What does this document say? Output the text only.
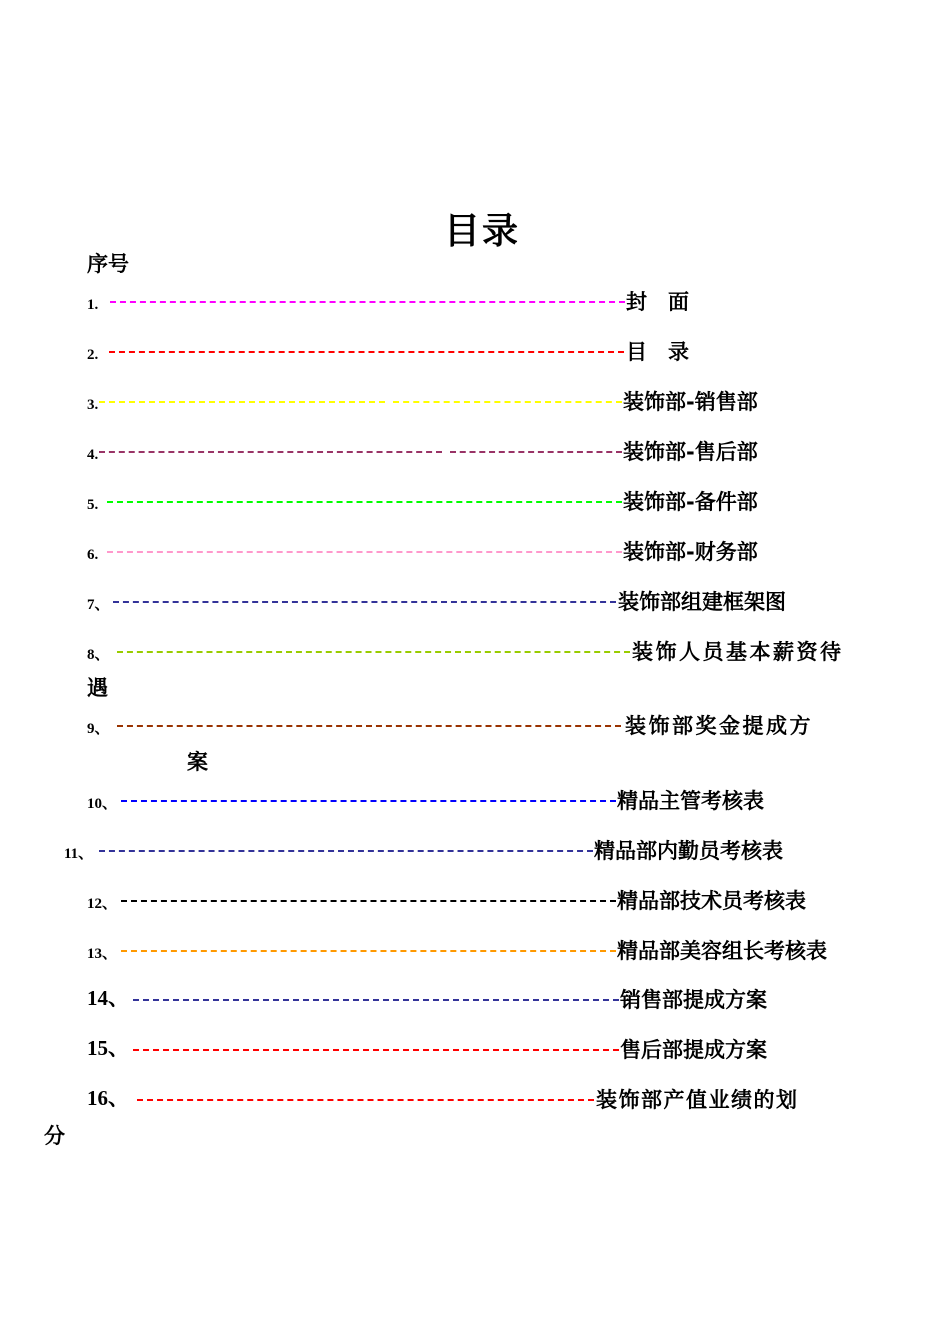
目录
序号
1.	封　面
2.	目　录
3.	装饰部-销售部
4.	装饰部-售后部
5.	装饰部-备件部
6.	装饰部-财务部
7、	装饰部组建框架图
8、	装饰人员基本薪资待
遇
9、	装饰部奖金提成方
案
10、	精品主管考核表
11、	精品部内勤员考核表
12、	精品部技术员考核表
13、	精品部美容组长考核表
14、	销售部提成方案
15、	售后部提成方案
16、	装饰部产值业绩的划
分
